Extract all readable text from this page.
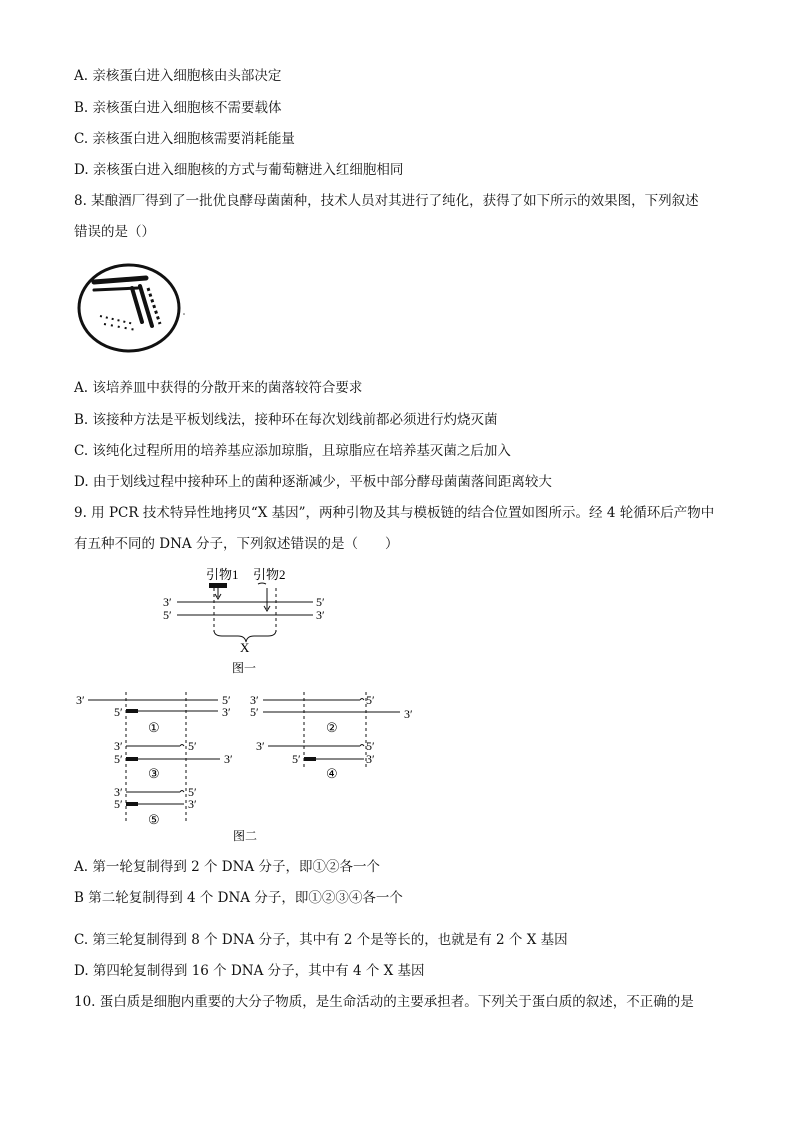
A. 亲核蛋白进入细胞核由头部决定
B. 亲核蛋白进入细胞核不需要载体
C. 亲核蛋白进入细胞核需要消耗能量
D. 亲核蛋白进入细胞核的方式与葡萄糖进入红细胞相同
8. 某酿酒厂得到了一批优良酵母菌菌种，技术人员对其进行了纯化，获得了如下所示的效果图，下列叙述
错误的是（）
A. 该培养皿中获得的分散开来的菌落较符合要求
B. 该接种方法是平板划线法，接种环在每次划线前都必须进行灼烧灭菌
C. 该纯化过程所用的培养基应添加琼脂，且琼脂应在培养基灭菌之后加入
D. 由于划线过程中接种环上的菌种逐渐减少，平板中部分酵母菌菌落间距离较大
9. 用 PCR 技术特异性地拷贝“X 基因”，两种引物及其与模板链的结合位置如图所示。经 4 轮循环后产物中
有五种不同的 DNA 分子，下列叙述错误的是（　　）
引物1 引物2
3′
5′
5′
3′
X
图一
3′	5′
5′	3′
①
3′	5′
5′	3′
②
3′	5′
5′	3′
③
3′	5′
5′	3′
④
3′	5′
5′	3′
⑤
图二
A. 第一轮复制得到 2 个 DNA 分子，即①②各一个
B 第二轮复制得到 4 个 DNA 分子，即①②③④各一个
C. 第三轮复制得到 8 个 DNA 分子，其中有 2 个是等长的，也就是有 2 个 X 基因
D. 第四轮复制得到 16 个 DNA 分子，其中有 4 个 X 基因
10. 蛋白质是细胞内重要的大分子物质，是生命活动的主要承担者。下列关于蛋白质的叙述，不正确的是
